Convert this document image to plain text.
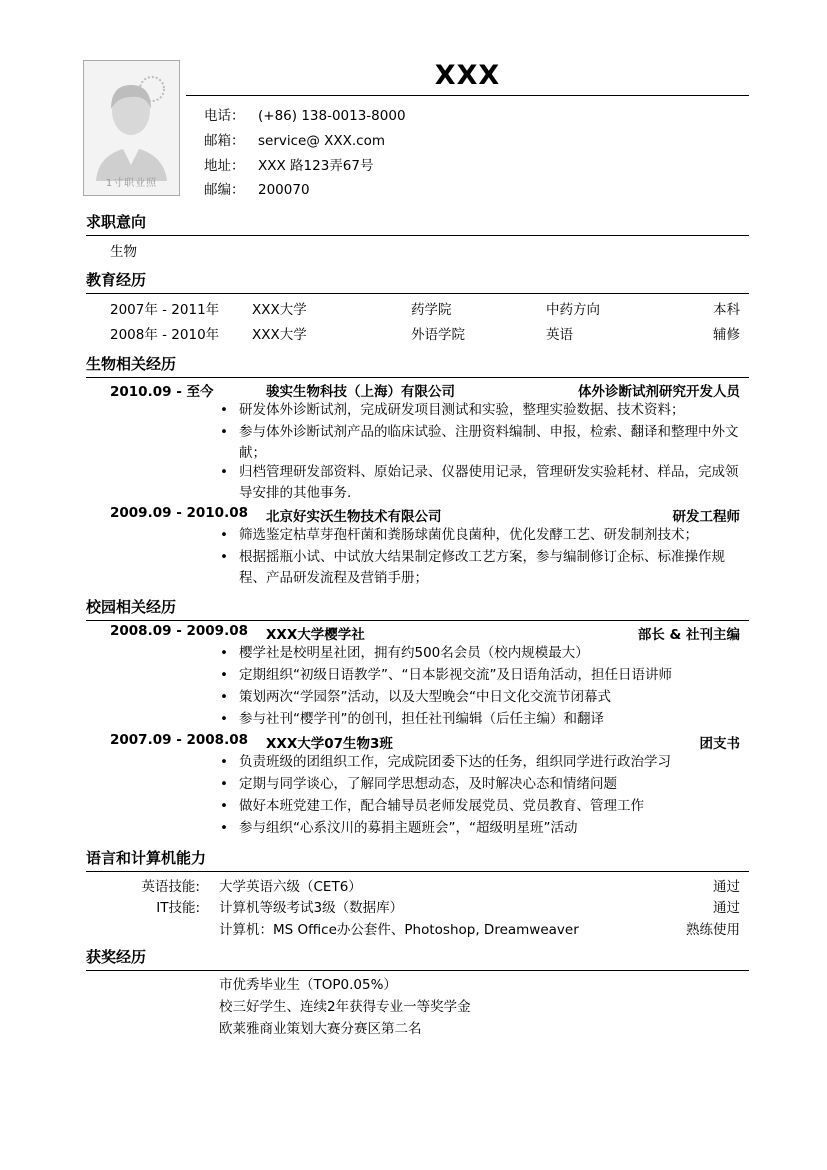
1寸职业照
XXX
电话： (+86) 138-0013-8000
邮箱： service@ XXX.com
地址： XXX 路123弄67号
邮编： 200070
求职意向
生物
教育经历
2007年 - 2011年 XXX大学	药学院	中药方向	本科
2008年 - 2010年 XXX大学	外语学院	英语	辅修
生物相关经历
2010.09 - 至今	骏实生物科技（上海）有限公司	体外诊断试剂研究开发人员
• 研发体外诊断试剂，完成研发项目测试和实验，整理实验数据、技术资料；
• 参与体外诊断试剂产品的临床试验、注册资料编制、申报，检索、翻译和整理中外文献；
• 归档管理研发部资料、原始记录、仪器使用记录，管理研发实验耗材、样品，完成领导安排的其他事务.
2009.09 - 2010.08 北京好实沃生物技术有限公司	研发工程师
• 筛选鉴定枯草芽孢杆菌和粪肠球菌优良菌种，优化发酵工艺、研发制剂技术；
• 根据摇瓶小试、中试放大结果制定修改工艺方案，参与编制修订企标、标准操作规程、产品研发流程及营销手册；
校园相关经历
2008.09 - 2009.08 XXX大学樱学社	部长 & 社刊主编
• 樱学社是校明星社团，拥有约500名会员（校内规模最大）
• 定期组织“初级日语教学”、“日本影视交流”及日语角活动，担任日语讲师
• 策划两次“学园祭”活动，以及大型晚会“中日文化交流节闭幕式
• 参与社刊“樱学刊”的创刊，担任社刊编辑（后任主编）和翻译
2007.09 - 2008.08 XXX大学07生物3班	团支书
• 负责班级的团组织工作，完成院团委下达的任务，组织同学进行政治学习
• 定期与同学谈心，了解同学思想动态，及时解决心态和情绪问题
• 做好本班党建工作，配合辅导员老师发展党员、党员教育、管理工作
• 参与组织“心系汶川的募捐主题班会”，“超级明星班”活动
语言和计算机能力
英语技能: 大学英语六级（CET6）	通过
IT技能: 计算机等级考试3级（数据库）	通过
计算机：MS Office办公套件、Photoshop, Dreamweaver	熟练使用
获奖经历
市优秀毕业生（TOP0.05%）
校三好学生、连续2年获得专业一等奖学金
欧莱雅商业策划大赛分赛区第二名
